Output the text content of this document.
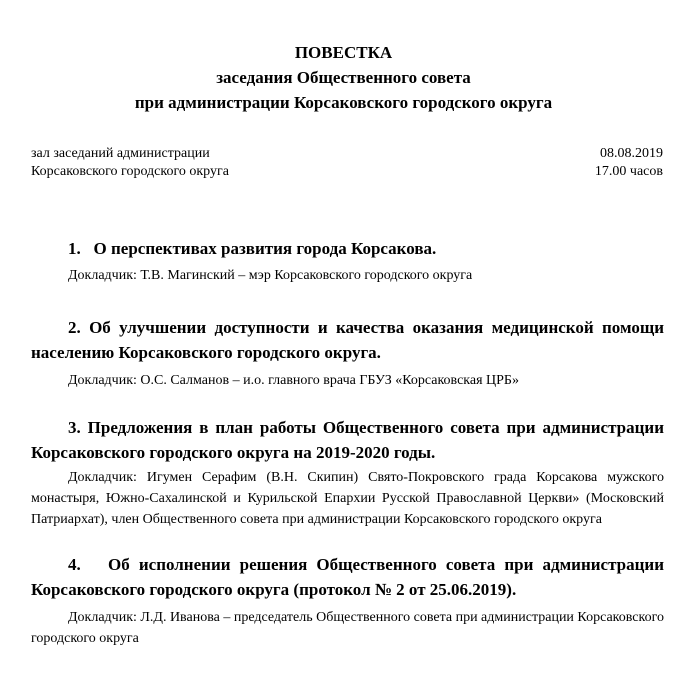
ПОВЕСТКА
заседания Общественного совета
при администрации Корсаковского городского округа
зал заседаний администрации	08.08.2019
Корсаковского городского округа	17.00 часов

1.   О перспективах развития города Корсакова.

Докладчик: Т.В. Магинский – мэр Корсаковского городского округа

2. Об улучшении доступности и качества оказания медицинской помощи населению Корсаковского городского округа.

Докладчик: О.С. Салманов – и.о. главного врача ГБУЗ «Корсаковская ЦРБ»

3. Предложения в план работы Общественного совета при администрации Корсаковского городского округа на 2019-2020 годы.

Докладчик: Игумен Серафим (В.Н. Скипин) Свято-Покровского града Корсакова мужского монастыря, Южно-Сахалинской и Курильской Епархии Русской Православной Церкви» (Московский Патриархат), член Общественного совета при администрации Корсаковского городского округа

4.   Об исполнении решения Общественного совета при администрации Корсаковского городского округа (протокол № 2 от 25.06.2019).

Докладчик: Л.Д. Иванова – председатель Общественного совета при администрации Корсаковского городского округа
